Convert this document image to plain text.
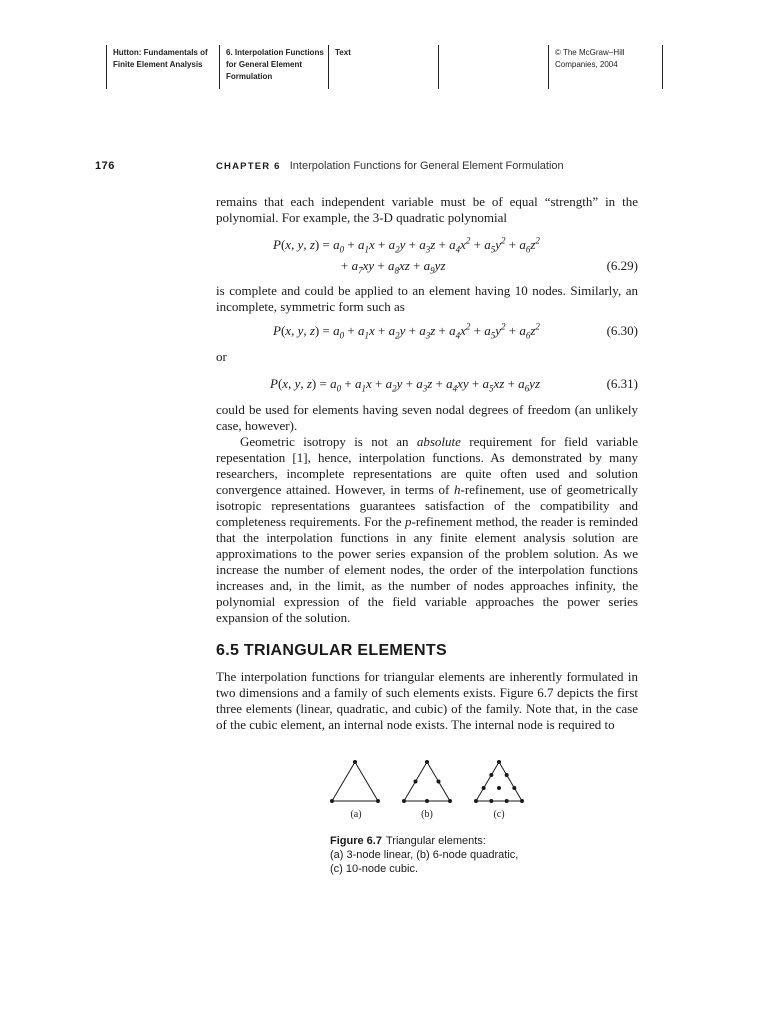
Hutton: Fundamentals of
Finite Element Analysis
6. Interpolation Functions
for General Element
Formulation
Text	© The McGraw−Hill
Companies, 2004
176	CHAPTER 6 Interpolation Functions for General Element Formulation
remains that each independent variable must be of equal “strength” in the polynomial. For example, the 3-D quadratic polynomial
P(x, y, $z) = a_0 + a_1x + a_2y + a_3z + a_4x^2 + a_5y^2 + a_6z^2$
+ $a_7xy + a_8xz + a_9yz$	(6.29)
is complete and could be applied to an element having 10 nodes. Similarly, an incomplete, symmetric form such as
P(x, y, $z) = a_0 + a_1x + a_2y + a_3z + a_4x^2 + a_5y^2 + a_6z^2$	(6.30)
or
P(x, y, $z) = a_0 + a_1x + a_2y + a_3z + a_4xy + a_5xz + a_6yz$	(6.31)
could be used for elements having seven nodal degrees of freedom (an unlikely case, however).
Geometric isotropy is not an absolute requirement for field variable repesentation [1], hence, interpolation functions. As demonstrated by many researchers, incomplete representations are quite often used and solution convergence attained. However, in terms of h-refinement, use of geometrically isotropic representations guarantees satisfaction of the compatibility and completeness requirements. For the p-refinement method, the reader is reminded that the interpolation functions in any finite element analysis solution are approximations to the power series expansion of the problem solution. As we increase the number of element nodes, the order of the interpolation functions increases and, in the limit, as the number of nodes approaches infinity, the polynomial expression of the field variable approaches the power series expansion of the solution.
6.5 TRIANGULAR ELEMENTS
The interpolation functions for triangular elements are inherently formulated in two dimensions and a family of such elements exists. Figure 6.7 depicts the first three elements (linear, quadratic, and cubic) of the family. Note that, in the case of the cubic element, an internal node exists. The internal node is required to
(a)	(b)	(c)
Figure 6.7 Triangular elements:
(a) 3-node linear, (b) 6-node quadratic,
(c) 10-node cubic.
